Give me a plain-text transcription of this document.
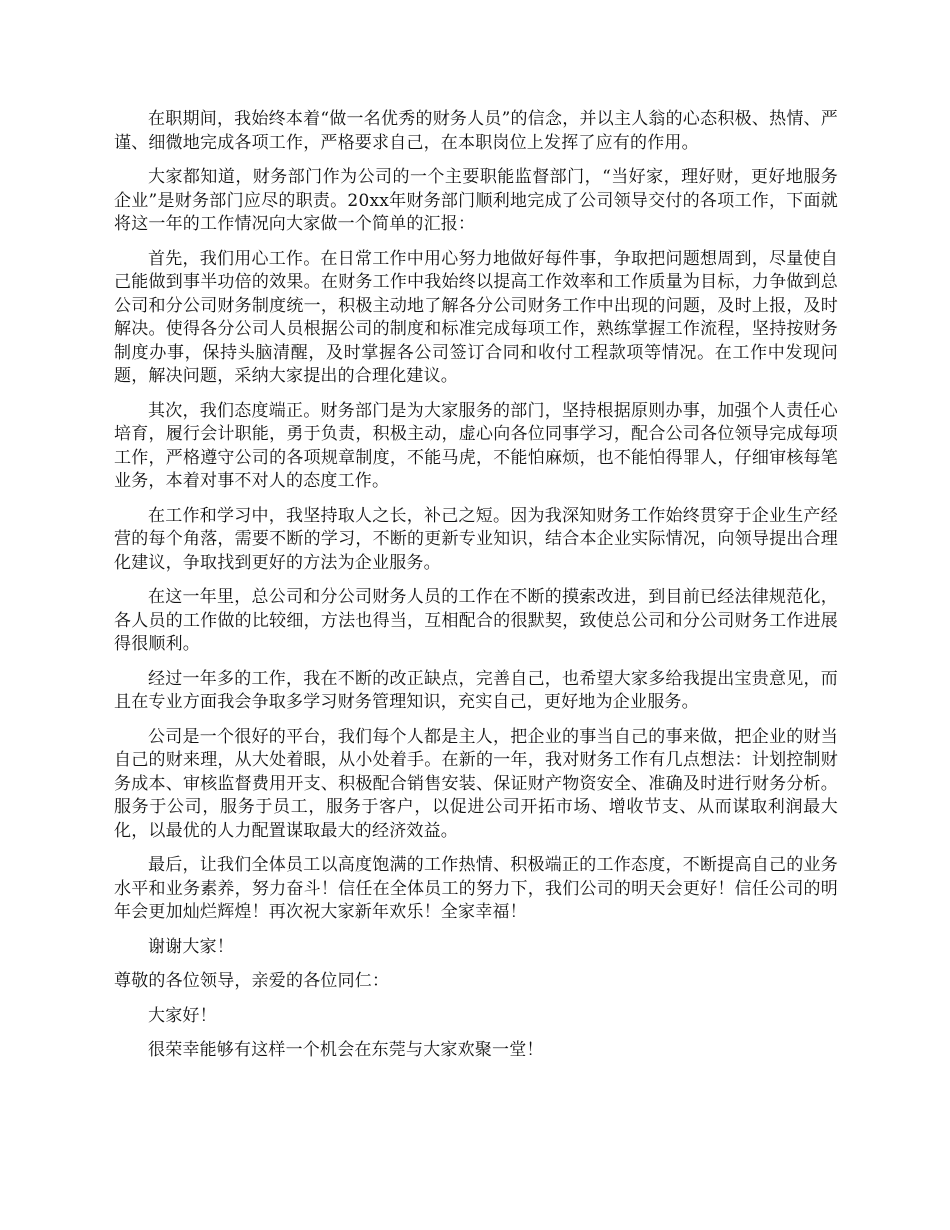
在职期间，我始终本着“做一名优秀的财务人员”的信念，并以主人翁的心态积极、热情、严谨、细微地完成各项工作，严格要求自己，在本职岗位上发挥了应有的作用。

大家都知道，财务部门作为公司的一个主要职能监督部门，“当好家，理好财，更好地服务企业”是财务部门应尽的职责。20xx年财务部门顺利地完成了公司领导交付的各项工作，下面就将这一年的工作情况向大家做一个简单的汇报：

首先，我们用心工作。在日常工作中用心努力地做好每件事，争取把问题想周到，尽量使自己能做到事半功倍的效果。在财务工作中我始终以提高工作效率和工作质量为目标，力争做到总公司和分公司财务制度统一，积极主动地了解各分公司财务工作中出现的问题，及时上报，及时解决。使得各分公司人员根据公司的制度和标准完成每项工作，熟练掌握工作流程，坚持按财务制度办事，保持头脑清醒，及时掌握各公司签订合同和收付工程款项等情况。在工作中发现问题，解决问题，采纳大家提出的合理化建议。

其次，我们态度端正。财务部门是为大家服务的部门，坚持根据原则办事，加强个人责任心培育，履行会计职能，勇于负责，积极主动，虚心向各位同事学习，配合公司各位领导完成每项工作，严格遵守公司的各项规章制度，不能马虎，不能怕麻烦，也不能怕得罪人，仔细审核每笔业务，本着对事不对人的态度工作。

在工作和学习中，我坚持取人之长，补己之短。因为我深知财务工作始终贯穿于企业生产经营的每个角落，需要不断的学习，不断的更新专业知识，结合本企业实际情况，向领导提出合理化建议，争取找到更好的方法为企业服务。

在这一年里，总公司和分公司财务人员的工作在不断的摸索改进，到目前已经法律规范化，各人员的工作做的比较细，方法也得当，互相配合的很默契，致使总公司和分公司财务工作进展得很顺利。

经过一年多的工作，我在不断的改正缺点，完善自己，也希望大家多给我提出宝贵意见，而且在专业方面我会争取多学习财务管理知识，充实自己，更好地为企业服务。

公司是一个很好的平台，我们每个人都是主人，把企业的事当自己的事来做，把企业的财当自己的财来理，从大处着眼，从小处着手。在新的一年，我对财务工作有几点想法：计划控制财务成本、审核监督费用开支、积极配合销售安装、保证财产物资安全、准确及时进行财务分析。服务于公司，服务于员工，服务于客户，以促进公司开拓市场、增收节支、从而谋取利润最大化，以最优的人力配置谋取最大的经济效益。

最后，让我们全体员工以高度饱满的工作热情、积极端正的工作态度，不断提高自己的业务水平和业务素养，努力奋斗！信任在全体员工的努力下，我们公司的明天会更好！信任公司的明年会更加灿烂辉煌！再次祝大家新年欢乐！全家幸福！

谢谢大家！

尊敬的各位领导，亲爱的各位同仁：

大家好！

很荣幸能够有这样一个机会在东莞与大家欢聚一堂！
